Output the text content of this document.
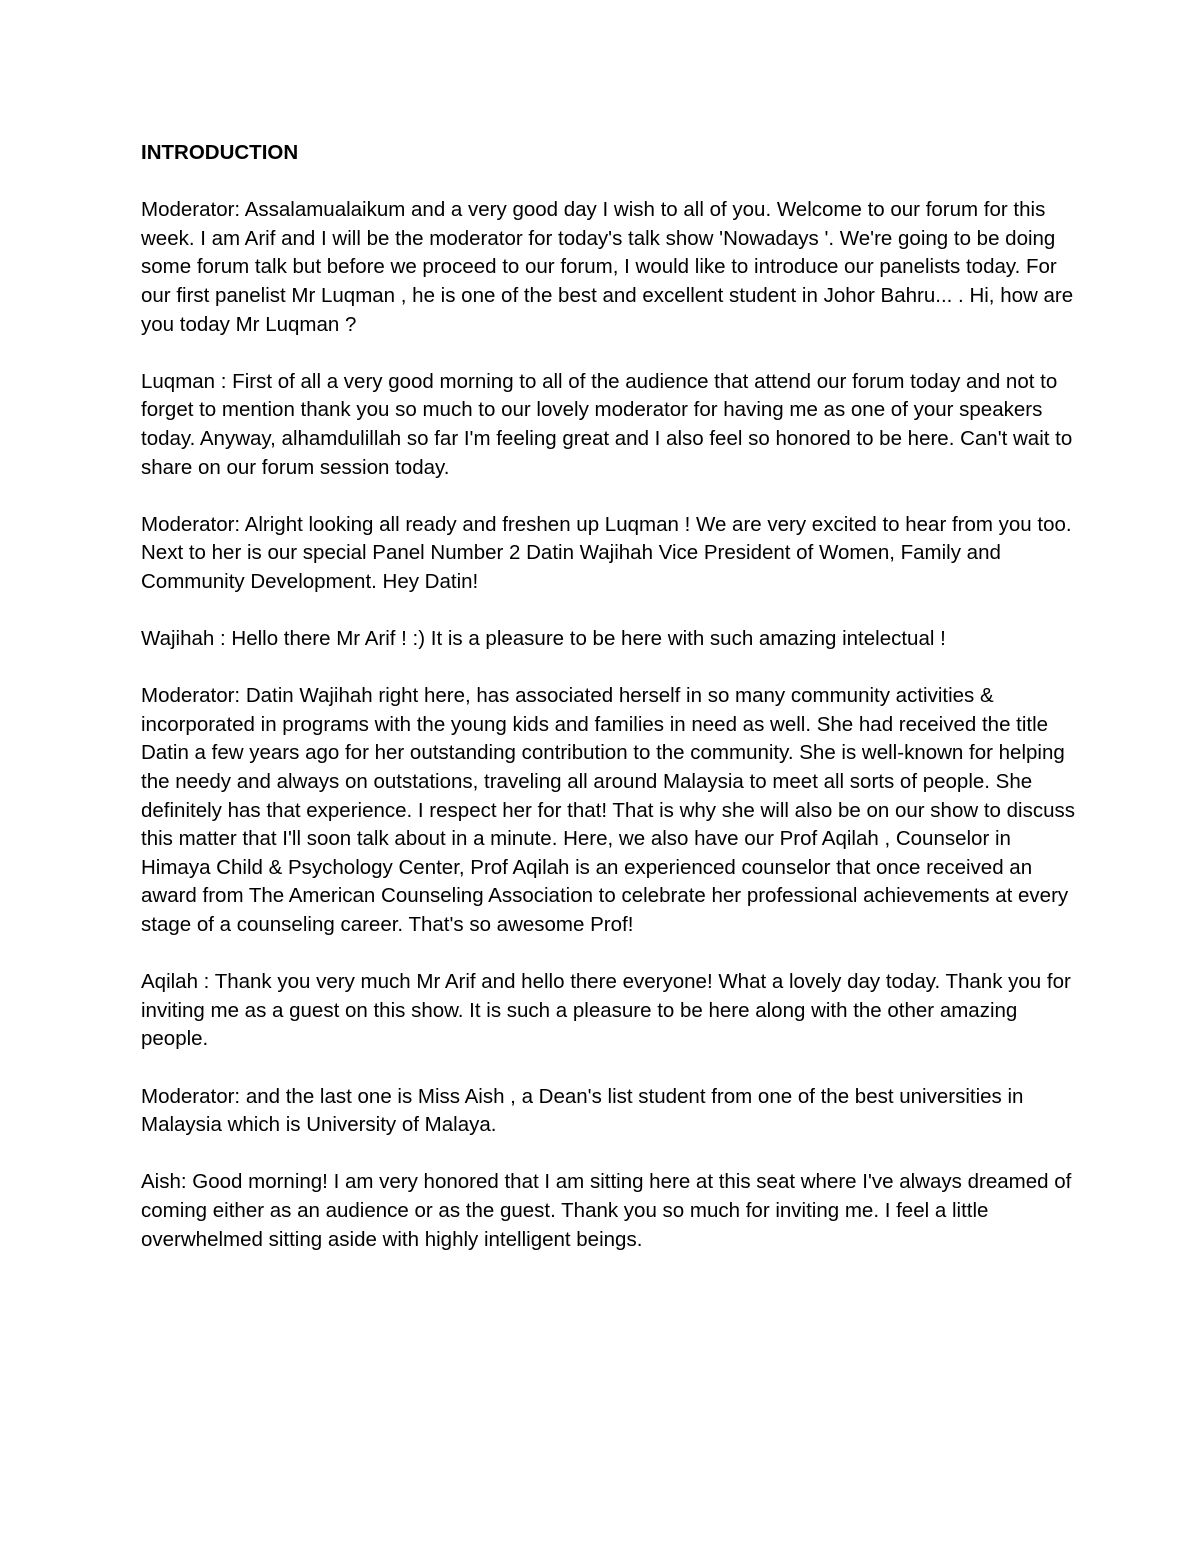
INTRODUCTION

Moderator: Assalamualaikum and a very good day I wish to all of you. Welcome to our forum for this week. I am Arif and I will be the moderator for today's talk show 'Nowadays '. We're going to be doing some forum talk but before we proceed to our forum, I would like to introduce our panelists today. For our first panelist Mr Luqman , he is one of the best and excellent student in Johor Bahru... . Hi, how are you today Mr Luqman ?

Luqman : First of all a very good morning to all of the audience that attend our forum today and not to forget to mention thank you so much to our lovely moderator for having me as one of your speakers today. Anyway, alhamdulillah so far I'm feeling great and I also feel so honored to be here. Can't wait to share on our forum session today.

Moderator: Alright looking all ready and freshen up Luqman ! We are very excited to hear from you too. Next to her is our special Panel Number 2 Datin Wajihah Vice President of Women, Family and Community Development. Hey Datin!

Wajihah : Hello there Mr Arif ! :) It is a pleasure to be here with such amazing intelectual !

Moderator: Datin Wajihah right here, has associated herself in so many community activities & incorporated in programs with the young kids and families in need as well. She had received the title Datin a few years ago for her outstanding contribution to the community. She is well-known for helping the needy and always on outstations, traveling all around Malaysia to meet all sorts of people. She definitely has that experience. I respect her for that! That is why she will also be on our show to discuss this matter that I'll soon talk about in a minute. Here, we also have our Prof Aqilah , Counselor in Himaya Child & Psychology Center, Prof Aqilah is an experienced counselor that once received an award from The American Counseling Association to celebrate her professional achievements at every stage of a counseling career. That's so awesome Prof!

Aqilah : Thank you very much Mr Arif and hello there everyone! What a lovely day today. Thank you for inviting me as a guest on this show. It is such a pleasure to be here along with the other amazing people.

Moderator: and the last one is Miss Aish , a Dean's list student from one of the best universities in Malaysia which is University of Malaya.

Aish: Good morning! I am very honored that I am sitting here at this seat where I've always dreamed of coming either as an audience or as the guest. Thank you so much for inviting me. I feel a little overwhelmed sitting aside with highly intelligent beings.
